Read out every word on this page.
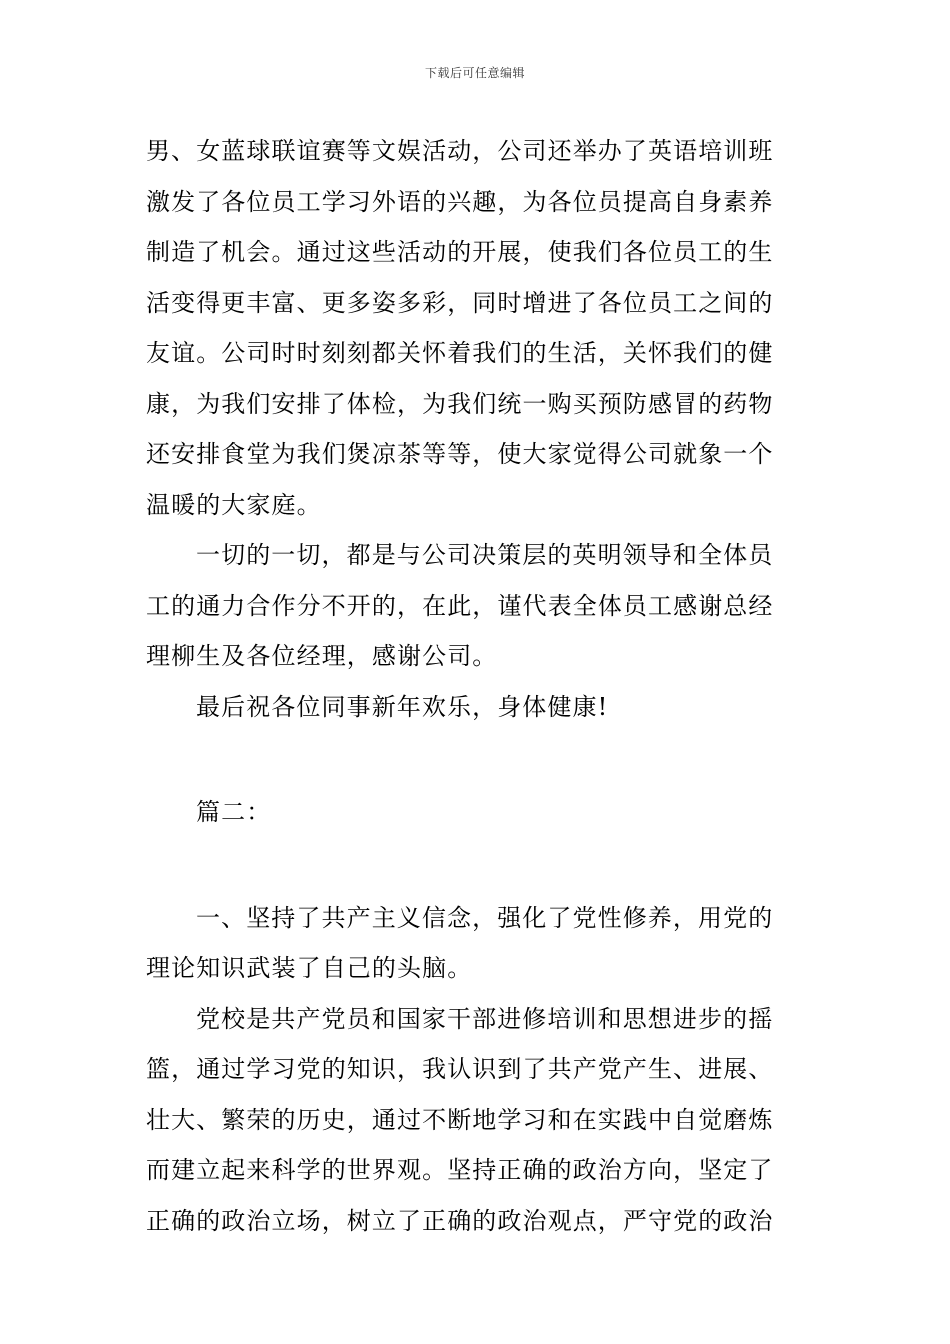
下载后可任意编辑
男、女蓝球联谊赛等文娱活动，公司还举办了英语培训班
激发了各位员工学习外语的兴趣，为各位员提高自身素养
制造了机会。通过这些活动的开展，使我们各位员工的生
活变得更丰富、更多姿多彩，同时增进了各位员工之间的
友谊。公司时时刻刻都关怀着我们的生活，关怀我们的健
康，为我们安排了体检，为我们统一购买预防感冒的药物
还安排食堂为我们煲凉茶等等，使大家觉得公司就象一个
温暖的大家庭。
一切的一切，都是与公司决策层的英明领导和全体员
工的通力合作分不开的，在此，谨代表全体员工感谢总经
理柳生及各位经理，感谢公司。
最后祝各位同事新年欢乐，身体健康!
篇二：
一、坚持了共产主义信念，强化了党性修养，用党的
理论知识武装了自己的头脑。
党校是共产党员和国家干部进修培训和思想进步的摇
篮，通过学习党的知识，我认识到了共产党产生、进展、
壮大、繁荣的历史，通过不断地学习和在实践中自觉磨炼
而建立起来科学的世界观。坚持正确的政治方向，坚定了
正确的政治立场，树立了正确的政治观点，严守党的政治
